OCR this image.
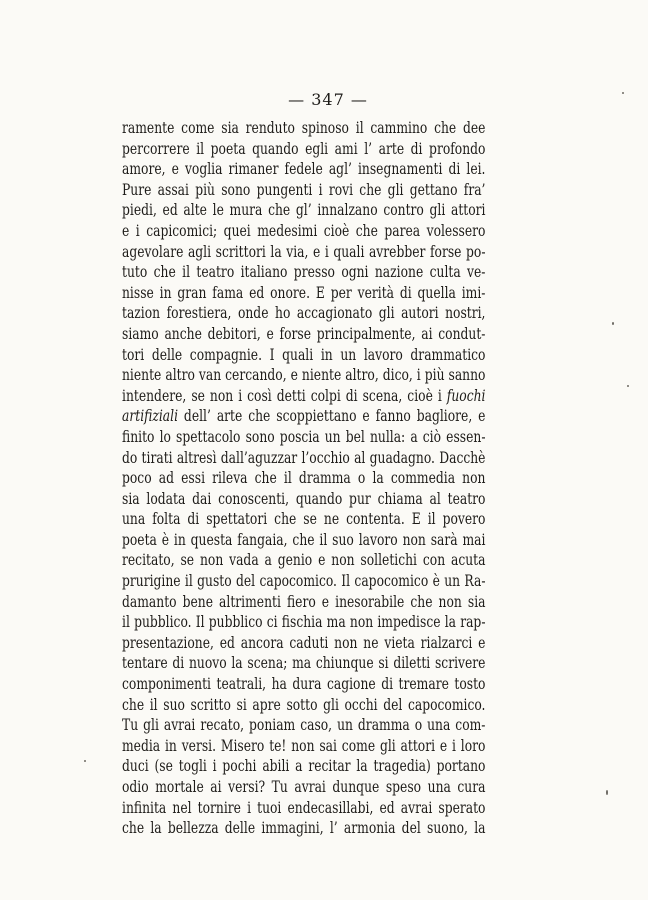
— 347 —
ramente come sia renduto spinoso il cammino che dee
percorrere il poeta quando egli ami l’ arte di profondo
amore, e voglia rimaner fedele agl’ insegnamenti di lei.
Pure assai più sono pungenti i rovi che gli gettano fra’
piedi, ed alte le mura che gl’ innalzano contro gli attori
e i capicomici; quei medesimi cioè che parea volessero
agevolare agli scrittori la via, e i quali avrebber forse po-
tuto che il teatro italiano presso ogni nazione culta ve-
nisse in gran fama ed onore. E per verità di quella imi-
tazion forestiera, onde ho accagionato gli autori nostri,
siamo anche debitori, e forse principalmente, ai condut-
tori delle compagnie. I quali in un lavoro drammatico
niente altro van cercando, e niente altro, dico, i più sanno
intendere, se non i così detti colpi di scena, cioè i fuochi
artifiziali dell’ arte che scoppiettano e fanno bagliore, e
finito lo spettacolo sono poscia un bel nulla: a ciò essen-
do tirati altresì dall’aguzzar l’occhio al guadagno. Dacchè
poco ad essi rileva che il dramma o la commedia non
sia lodata dai conoscenti, quando pur chiama al teatro
una folta di spettatori che se ne contenta. E il povero
poeta è in questa fangaia, che il suo lavoro non sarà mai
recitato, se non vada a genio e non solletichi con acuta
prurigine il gusto del capocomico. Il capocomico è un Ra-
damanto bene altrimenti fiero e inesorabile che non sia
il pubblico. Il pubblico ci fischia ma non impedisce la rap-
presentazione, ed ancora caduti non ne vieta rialzarci e
tentare di nuovo la scena; ma chiunque si diletti scrivere
componimenti teatrali, ha dura cagione di tremare tosto
che il suo scritto si apre sotto gli occhi del capocomico.
Tu gli avrai recato, poniam caso, un dramma o una com-
media in versi. Misero te! non sai come gli attori e i loro
duci (se togli i pochi abili a recitar la tragedia) portano
odio mortale ai versi? Tu avrai dunque speso una cura
infinita nel tornire i tuoi endecasillabi, ed avrai sperato
che la bellezza delle immagini, l’ armonia del suono, la
